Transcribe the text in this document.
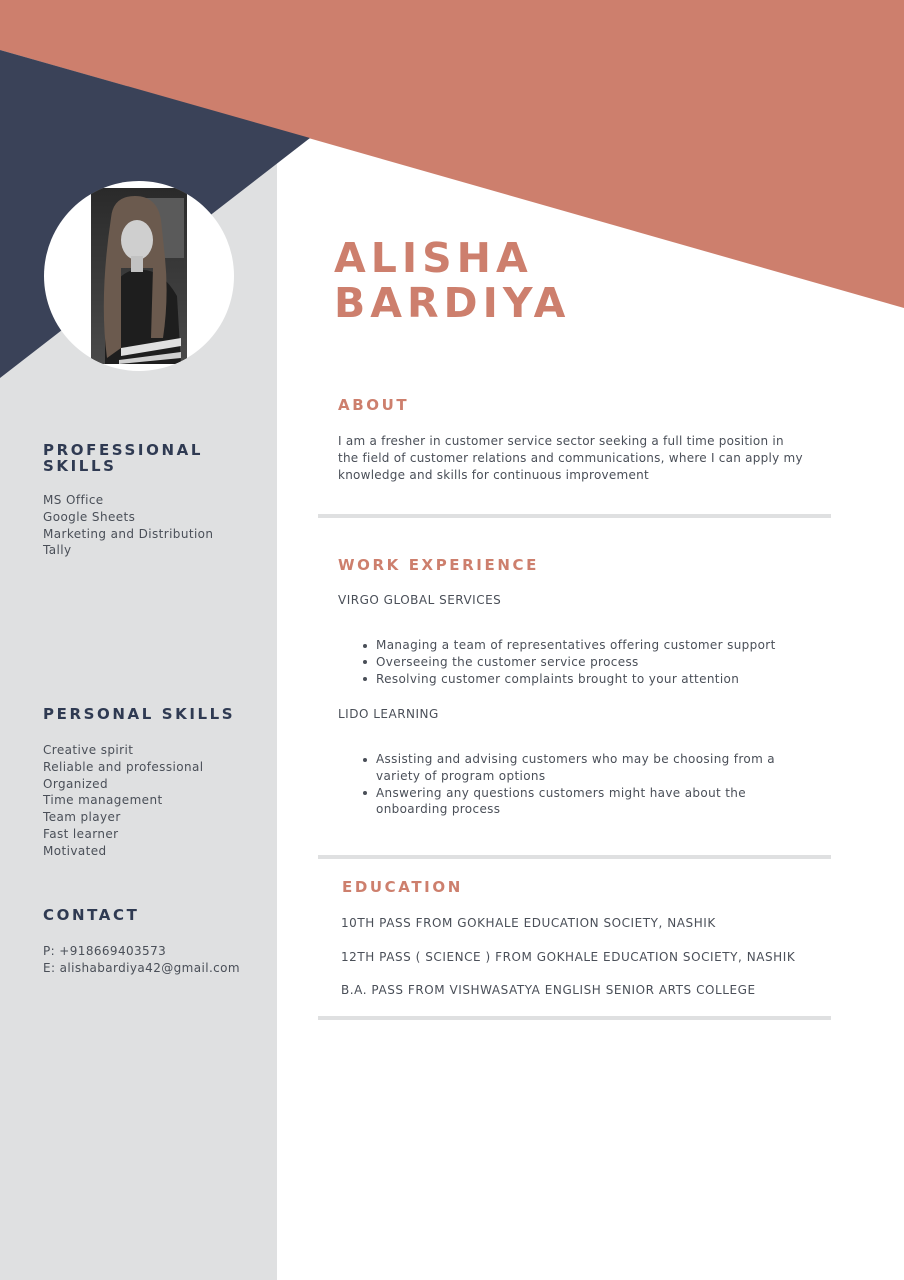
ALISHA
BARDIYA
PROFESSIONAL
SKILLS
MS Office
Google Sheets
Marketing and Distribution
Tally
PERSONAL SKILLS
Creative spirit
Reliable and professional
Organized
Time management
Team player
Fast learner
Motivated
CONTACT
P: +918669403573
E: alishabardiya42@gmail.com
ABOUT

I am a fresher in customer service sector seeking a full time position in the field of customer relations and communications, where I can apply my knowledge and skills for continuous improvement

WORK EXPERIENCE

VIRGO GLOBAL SERVICES

Managing a team of representatives offering customer support
Overseeing the customer service process
Resolving customer complaints brought to your attention

LIDO LEARNING

Assisting and advising customers who may be choosing from a variety of program options
Answering any questions customers might have about the onboarding process
EDUCATION

10TH PASS FROM GOKHALE EDUCATION SOCIETY, NASHIK

12TH PASS ( SCIENCE ) FROM GOKHALE EDUCATION SOCIETY, NASHIK

B.A. PASS FROM VISHWASATYA ENGLISH SENIOR ARTS COLLEGE
